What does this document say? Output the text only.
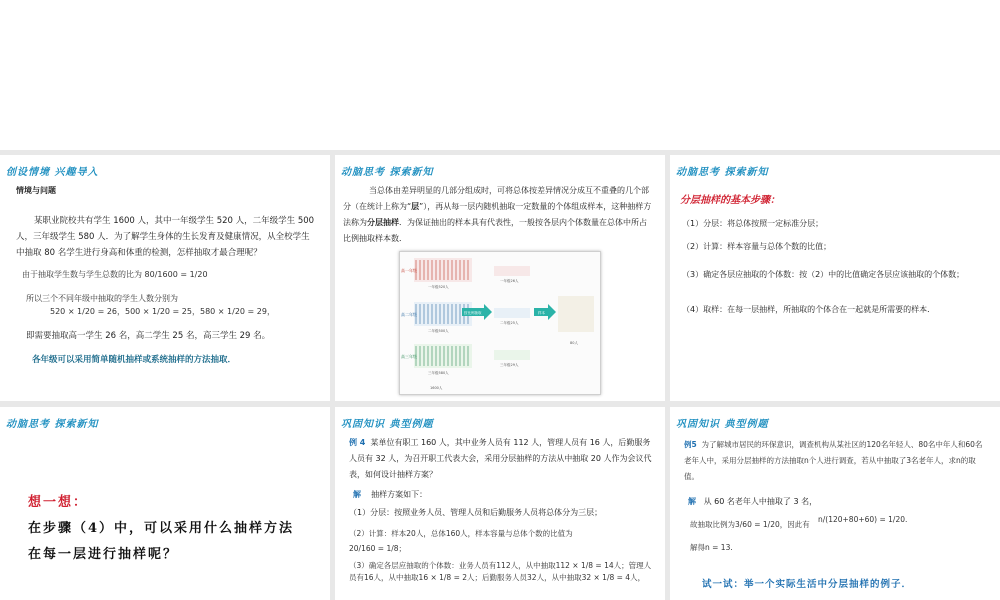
创设情境 兴趣导入
情境与问题
某职业院校共有学生 1600 人，其中一年级学生 520 人，二年级学生 500 人，三年级学生 580 人．为了解学生身体的生长发育及健康情况，从全校学生中抽取 80 名学生进行身高和体重的检测，怎样抽取才最合理呢？
由于抽取学生数与学生总数的比为 80/1600 = 1/20
所以三个不同年级中抽取的学生人数分别为
520 × 1/20 = 26，500 × 1/20 = 25，580 × 1/20 = 29，
即需要抽取高一学生 26 名，高二学生 25 名，高三学生 29 名。
各年级可以采用简单随机抽样或系统抽样的方法抽取．
动脑思考 探索新知
当总体由差异明显的几部分组成时，可将总体按差异情况分成互不重叠的几个部分（在统计上称为“层”），再从每一层内随机抽取一定数量的个体组成样本，这种抽样方法称为分层抽样．为保证抽出的样本具有代表性，一般按各层内个体数量在总体中所占比例抽取样本数．
高一年级
高二年级
高三年级
一年级520人
二年级500人
三年级580人
1600人
按比例抽取
一年级26人
二年级25人
三年级29人
样本
80人
动脑思考 探索新知
分层抽样的基本步骤：
（1）分层：将总体按照一定标准分层；
（2）计算：样本容量与总体个数的比值；
（3）确定各层应抽取的个体数：按（2）中的比值确定各层应该抽取的个体数；
（4）取样：在每一层抽样，所抽取的个体合在一起就是所需要的样本．
动脑思考 探索新知
想一想：
在步骤（4）中，可以采用什么抽样方法
在每一层进行抽样呢？
巩固知识 典型例题
例 4 某单位有职工 160 人，其中业务人员有 112 人，管理人员有 16 人，后勤服务人员有 32 人，为召开职工代表大会，采用分层抽样的方法从中抽取 20 人作为会议代表，如何设计抽样方案？
解 抽样方案如下：
（1）分层：按照业务人员、管理人员和后勤服务人员将总体分为三层；
（2）计算：样本20人，总体160人，样本容量与总体个数的比值为
20/160 = 1/8；
（3）确定各层应抽取的个体数：业务人员有112人，从中抽取112 × 1/8 = 14人；管理人员有16人，从中抽取16 × 1/8 = 2人；后勤服务人员32人，从中抽取32 × 1/8 = 4人，
巩固知识 典型例题
例5 为了解城市居民的环保意识，调查机构从某社区的120名年轻人、80名中年人和60名老年人中，采用分层抽样的方法抽取n个人进行调查，若从中抽取了3名老年人，求n的取值。
解 从 60 名老年人中抽取了 3 名，
故抽取比例为3/60 = 1/20，因此有
n/(120+80+60) = 1/20.
解得n = 13.
试一试：举一个实际生活中分层抽样的例子．
